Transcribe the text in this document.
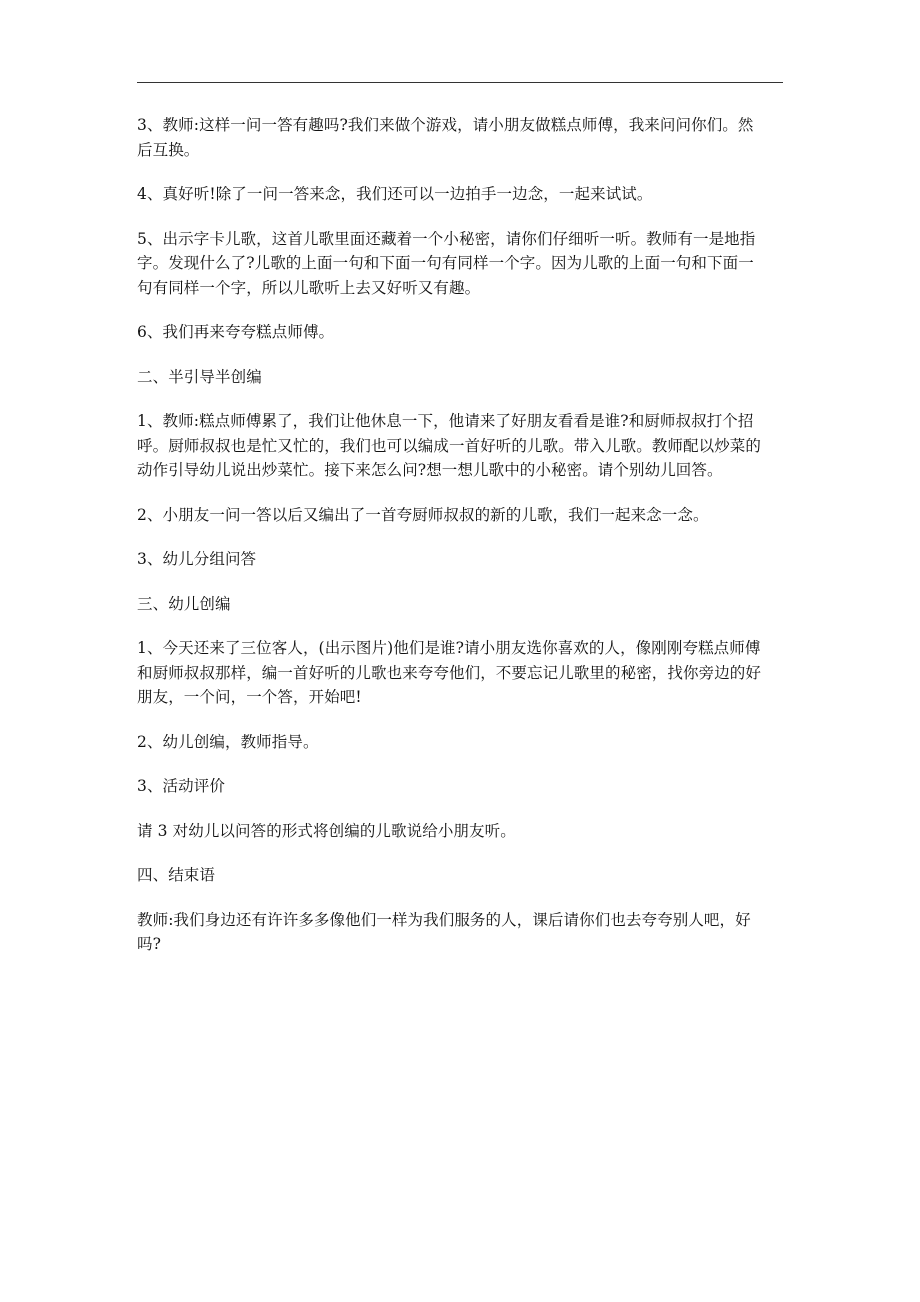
3、教师:这样一问一答有趣吗?我们来做个游戏，请小朋友做糕点师傅，我来问问你们。然
后互换。

4、真好听!除了一问一答来念，我们还可以一边拍手一边念，一起来试试。

5、出示字卡儿歌，这首儿歌里面还藏着一个小秘密，请你们仔细听一听。教师有一是地指
字。发现什么了?儿歌的上面一句和下面一句有同样一个字。因为儿歌的上面一句和下面一
句有同样一个字，所以儿歌听上去又好听又有趣。

6、我们再来夸夸糕点师傅。

二、半引导半创编

1、教师:糕点师傅累了，我们让他休息一下，他请来了好朋友看看是谁?和厨师叔叔打个招
呼。厨师叔叔也是忙又忙的，我们也可以编成一首好听的儿歌。带入儿歌。教师配以炒菜的
动作引导幼儿说出炒菜忙。接下来怎么问?想一想儿歌中的小秘密。请个别幼儿回答。

2、小朋友一问一答以后又编出了一首夸厨师叔叔的新的儿歌，我们一起来念一念。

3、幼儿分组问答

三、幼儿创编

1、今天还来了三位客人，(出示图片)他们是谁?请小朋友选你喜欢的人，像刚刚夸糕点师傅
和厨师叔叔那样，编一首好听的儿歌也来夸夸他们，不要忘记儿歌里的秘密，找你旁边的好
朋友，一个问，一个答，开始吧!

2、幼儿创编，教师指导。

3、活动评价

请 3 对幼儿以问答的形式将创编的儿歌说给小朋友听。

四、结束语

教师:我们身边还有许许多多像他们一样为我们服务的人，课后请你们也去夸夸别人吧，好
吗?
